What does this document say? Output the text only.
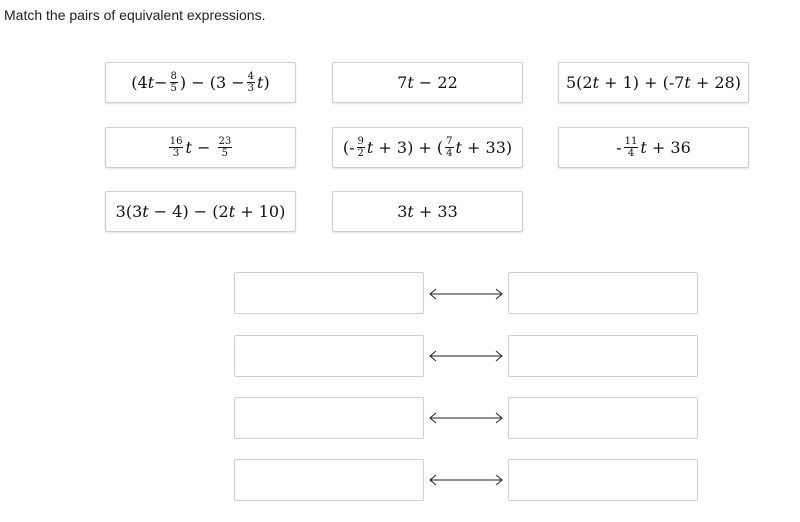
Match the pairs of equivalent expressions.
(4 $t - \frac{8}{5}$ ) − ($3 - \frac{4}{3}$ t )	7 t − 22	5(2 t + 1) + (-7 t + 28)
$\frac{16}{3}$ $t - \frac{23}{5}$	(- $\frac{9}{2}$ t + 3) + ( $\frac{7}{4}$ t + 33)	- $\frac{11}{4}$ t + 36
3(3 t − 4) − (2 t + 10)	3 t + 33
